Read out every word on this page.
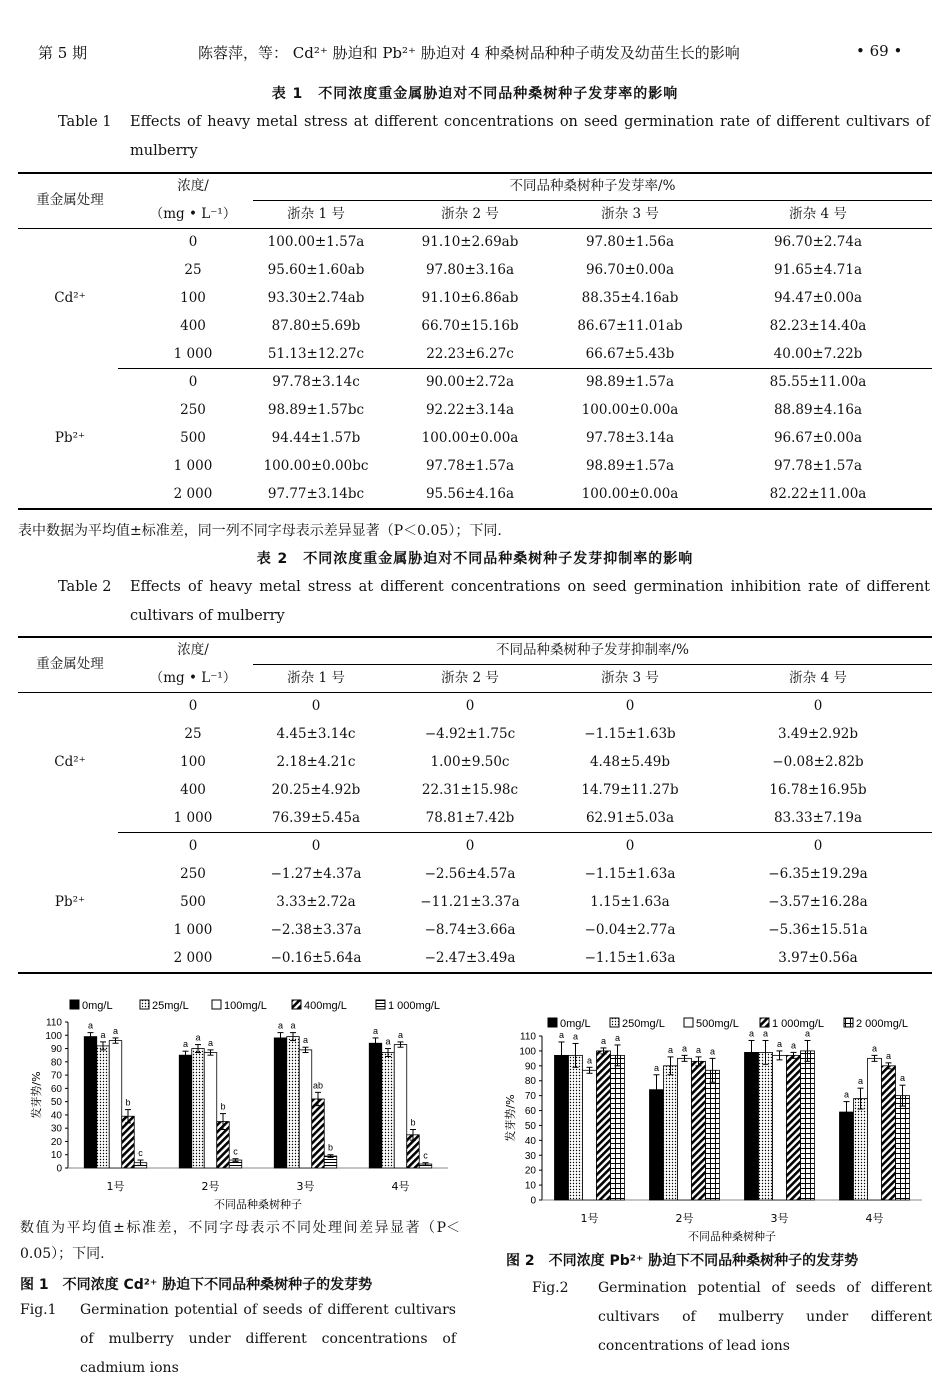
第 5 期	陈蓉萍，等： Cd²⁺ 胁迫和 Pb²⁺ 胁迫对 4 种桑树品种种子萌发及幼苗生长的影响	• 69 •
表 1　不同浓度重金属胁迫对不同品种桑树种子发芽率的影响
Table 1 Effects of heavy metal stress at different concentrations on seed germination rate of different cultivars of mulberry
重金属处理
浓度/
（mg • L⁻¹）
不同品种桑树种子发芽率/%
浙杂 1 号	浙杂 2 号	浙杂 3 号	浙杂 4 号
Cd²⁺
Pb²⁺
0	100.00±1.57a	91.10±2.69ab	97.80±1.56a	96.70±2.74a
25	95.60±1.60ab	97.80±3.16a	96.70±0.00a	91.65±4.71a
100	93.30±2.74ab	91.10±6.86ab	88.35±4.16ab	94.47±0.00a
400	87.80±5.69b	66.70±15.16b	86.67±11.01ab	82.23±14.40a
1 000	51.13±12.27c	22.23±6.27c	66.67±5.43b	40.00±7.22b
0	97.78±3.14c	90.00±2.72a	98.89±1.57a	85.55±11.00a
250	98.89±1.57bc	92.22±3.14a	100.00±0.00a	88.89±4.16a
500	94.44±1.57b	100.00±0.00a	97.78±3.14a	96.67±0.00a
1 000	100.00±0.00bc	97.78±1.57a	98.89±1.57a	97.78±1.57a
2 000	97.77±3.14bc	95.56±4.16a	100.00±0.00a	82.22±11.00a
表中数据为平均值±标准差，同一列不同字母表示差异显著（P＜0.05）；下同.
表 2　不同浓度重金属胁迫对不同品种桑树种子发芽抑制率的影响
Table 2 Effects of heavy metal stress at different concentrations on seed germination inhibition rate of different cultivars of mulberry
重金属处理
浓度/
（mg • L⁻¹）
不同品种桑树种子发芽抑制率/%
浙杂 1 号	浙杂 2 号	浙杂 3 号	浙杂 4 号
Cd²⁺
Pb²⁺
0	0	0	0	0
25	4.45±3.14c	−4.92±1.75c	−1.15±1.63b	3.49±2.92b
100	2.18±4.21c	1.00±9.50c	4.48±5.49b	−0.08±2.82b
400	20.25±4.92b	22.31±15.98c	14.79±11.27b	16.78±16.95b
1 000	76.39±5.45a	78.81±7.42b	62.91±5.03a	83.33±7.19a
0	0	0	0	0
250	−1.27±4.37a	−2.56±4.57a	−1.15±1.63a	−6.35±19.29a
500	3.33±2.72a	−11.21±3.37a	1.15±1.63a	−3.57±16.28a
1 000	−2.38±3.37a	−8.74±3.66a	−0.04±2.77a	−5.36±15.51a
2 000	−0.16±5.64a	−2.47±3.49a	−1.15±1.63a	3.97±0.56a
0mg/L	25mg/L	100mg/L	400mg/L	1 000mg/L
0
10
20
30
40
50
60
70
80
90
100
110
发芽势/%
a
a a
b
c
1号
a
a
a
b
c
2号
a a
a
ab
b
3号
a
a
a
b
c
4号
不同品种桑树种子
数值为平均值±标准差，不同字母表示不同处理间差异显著（P＜0.05）；下同.
图 1　不同浓度 Cd²⁺ 胁迫下不同品种桑树种子的发芽势
Fig.1 Germination potential of seeds of different cultivars of mulberry under different concentrations of cadmium ions
0mg/L	250mg/L	500mg/L	1 000mg/L	2 000mg/L
0
10
20
30
40
50
60
70
80
90
100
110
发芽势/%
a a
a
a a
1号
a
a a a a
2号
a a
a a
a
3号
a
a
a
a
a
4号
不同品种桑树种子
图 2　不同浓度 Pb²⁺ 胁迫下不同品种桑树种子的发芽势
Fig.2 Germination potential of seeds of different cultivars of mulberry under different concentrations of lead ions
